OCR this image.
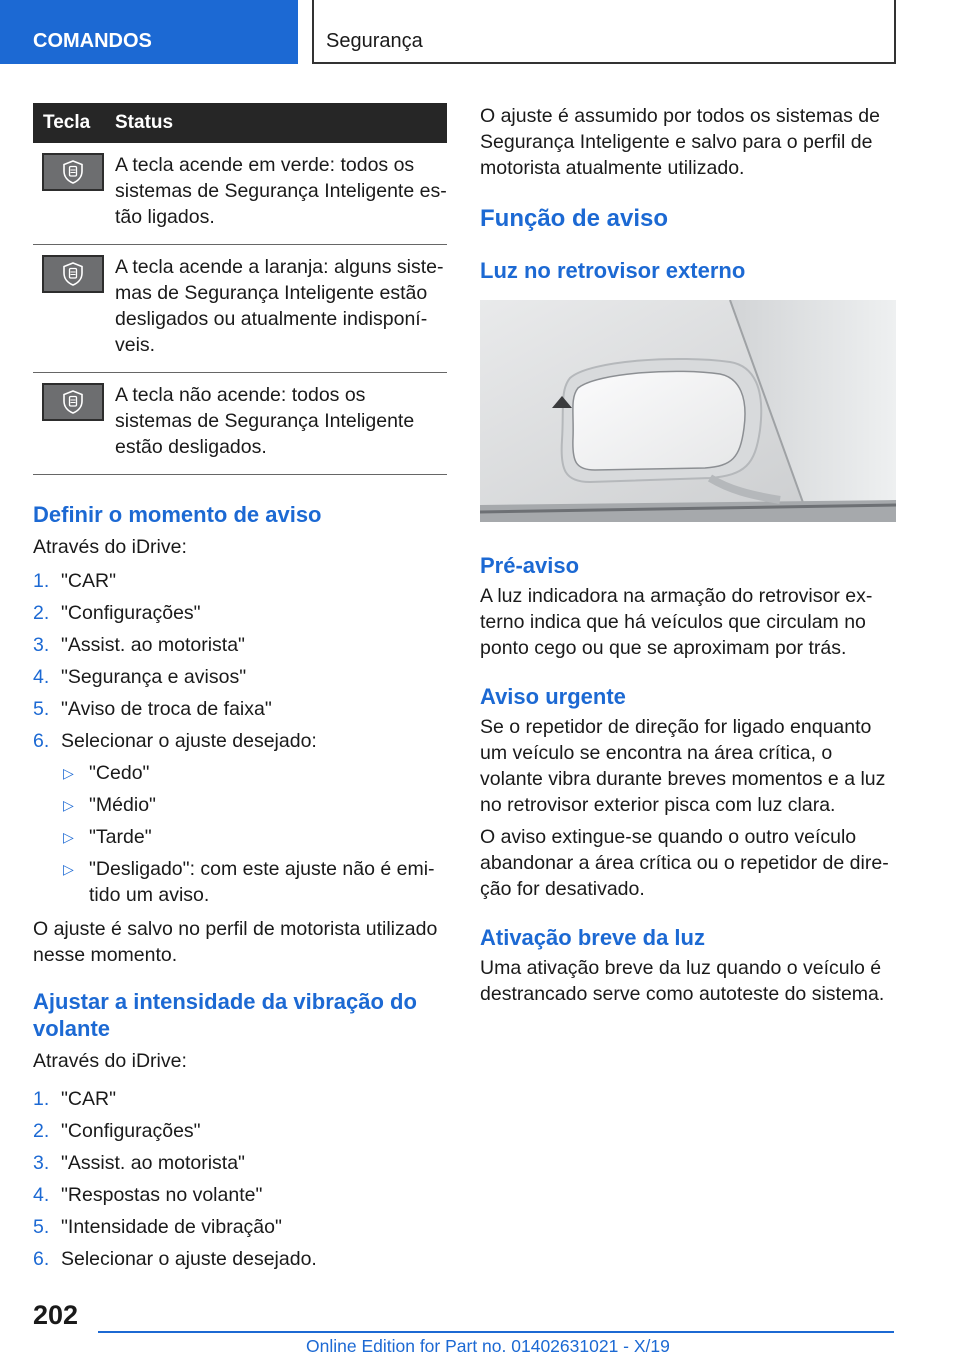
COMANDOS	Segurança
Tecla	Status

	A tecla acende em verde: todos os sistemas de Segurança Inteligente estão ligados.

	A tecla acende a laranja: alguns sistemas de Segurança Inteligente estão desligados ou atualmente indisponíveis.

	A tecla não acende: todos os sistemas de Segurança Inteligente estão desligados.
Definir o momento de aviso

Através do iDrive:

1. "CAR"
2. "Configurações"
3. "Assist. ao motorista"
4. "Segurança e avisos"
5. "Aviso de troca de faixa"
6. Selecionar o ajuste desejado:
▷ "Cedo"
▷ "Médio"
▷ "Tarde"
▷ "Desligado": com este ajuste não é emitido um aviso.

O ajuste é salvo no perfil de motorista utilizado nesse momento.

Ajustar a intensidade da vibração do volante

Através do iDrive:

1. "CAR"
2. "Configurações"
3. "Assist. ao motorista"
4. "Respostas no volante"
5. "Intensidade de vibração"
6. Selecionar o ajuste desejado.

O ajuste é assumido por todos os sistemas de Segurança Inteligente e salvo para o perfil de motorista atualmente utilizado.

Função de aviso
Luz no retrovisor externo
Pré-aviso

A luz indicadora na armação do retrovisor externo indica que há veículos que circulam no ponto cego ou que se aproximam por trás.

Aviso urgente

Se o repetidor de direção for ligado enquanto um veículo se encontra na área crítica, o volante vibra durante breves momentos e a luz no retrovisor exterior pisca com luz clara.

O aviso extingue-se quando o outro veículo abandonar a área crítica ou o repetidor de direção for desativado.

Ativação breve da luz

Uma ativação breve da luz quando o veículo é destrancado serve como autoteste do sistema.

202
Online Edition for Part no. 01402631021 - X/19
